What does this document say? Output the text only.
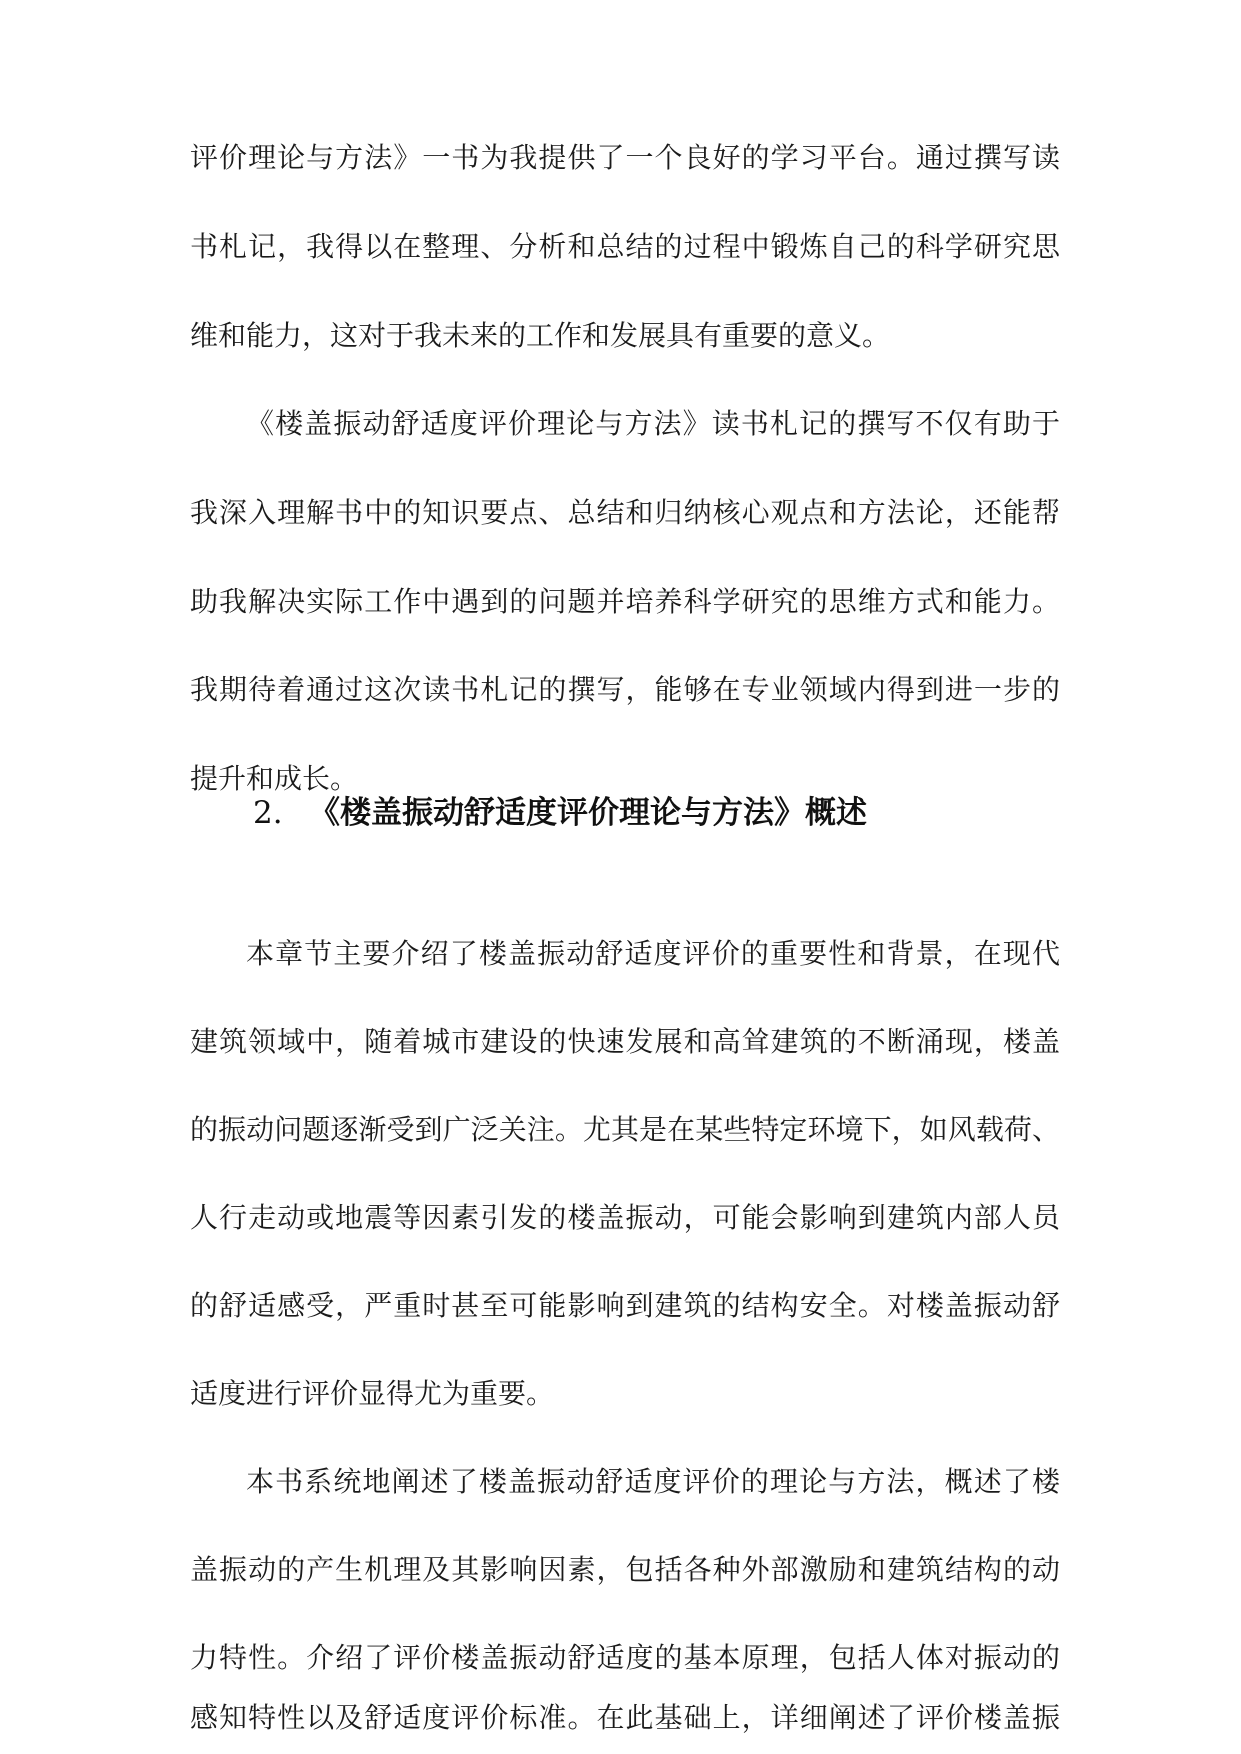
评价理论与方法》一书为我提供了一个良好的学习平台。通过撰写读

书札记，我得以在整理、分析和总结的过程中锻炼自己的科学研究思

维和能力，这对于我未来的工作和发展具有重要的意义。

《楼盖振动舒适度评价理论与方法》读书札记的撰写不仅有助于

我深入理解书中的知识要点、总结和归纳核心观点和方法论，还能帮

助我解决实际工作中遇到的问题并培养科学研究的思维方式和能力。

我期待着通过这次读书札记的撰写，能够在专业领域内得到进一步的

提升和成长。

2. 《楼盖振动舒适度评价理论与方法》概述

本章节主要介绍了楼盖振动舒适度评价的重要性和背景，在现代

建筑领域中，随着城市建设的快速发展和高耸建筑的不断涌现，楼盖

的振动问题逐渐受到广泛关注。尤其是在某些特定环境下，如风载荷、

人行走动或地震等因素引发的楼盖振动，可能会影响到建筑内部人员

的舒适感受，严重时甚至可能影响到建筑的结构安全。对楼盖振动舒

适度进行评价显得尤为重要。

本书系统地阐述了楼盖振动舒适度评价的理论与方法，概述了楼

盖振动的产生机理及其影响因素，包括各种外部激励和建筑结构的动

力特性。介绍了评价楼盖振动舒适度的基本原理，包括人体对振动的

感知特性以及舒适度评价标准。在此基础上，详细阐述了评价楼盖振
